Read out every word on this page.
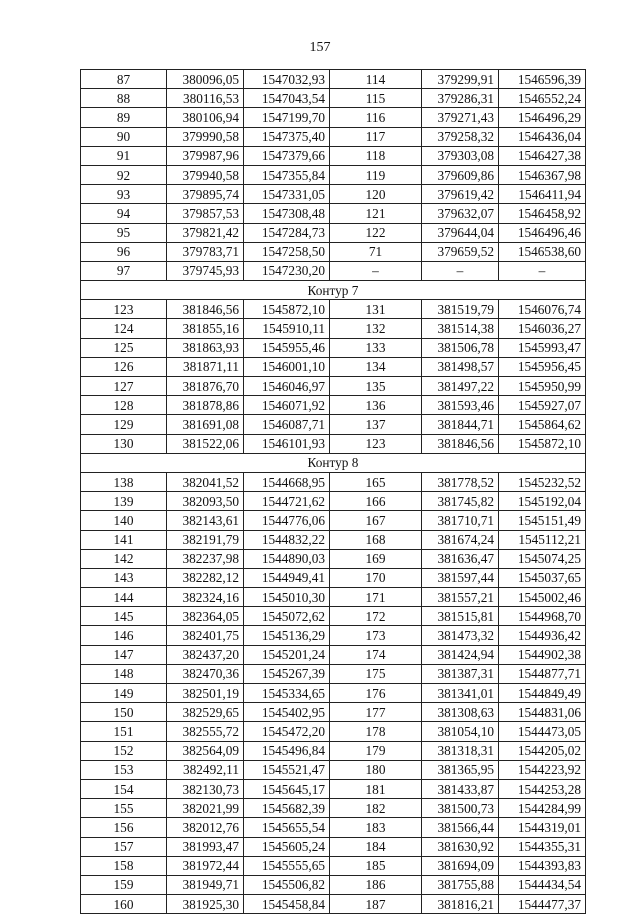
157
87	380096,05	1547032,93	114	379299,91	1546596,39
88	380116,53	1547043,54	115	379286,31	1546552,24
89	380106,94	1547199,70	116	379271,43	1546496,29
90	379990,58	1547375,40	117	379258,32	1546436,04
91	379987,96	1547379,66	118	379303,08	1546427,38
92	379940,58	1547355,84	119	379609,86	1546367,98
93	379895,74	1547331,05	120	379619,42	1546411,94
94	379857,53	1547308,48	121	379632,07	1546458,92
95	379821,42	1547284,73	122	379644,04	1546496,46
96	379783,71	1547258,50	71	379659,52	1546538,60
97	379745,93	1547230,20	–	–	–
Контур 7					
123	381846,56	1545872,10	131	381519,79	1546076,74
124	381855,16	1545910,11	132	381514,38	1546036,27
125	381863,93	1545955,46	133	381506,78	1545993,47
126	381871,11	1546001,10	134	381498,57	1545956,45
127	381876,70	1546046,97	135	381497,22	1545950,99
128	381878,86	1546071,92	136	381593,46	1545927,07
129	381691,08	1546087,71	137	381844,71	1545864,62
130	381522,06	1546101,93	123	381846,56	1545872,10
Контур 8					
138	382041,52	1544668,95	165	381778,52	1545232,52
139	382093,50	1544721,62	166	381745,82	1545192,04
140	382143,61	1544776,06	167	381710,71	1545151,49
141	382191,79	1544832,22	168	381674,24	1545112,21
142	382237,98	1544890,03	169	381636,47	1545074,25
143	382282,12	1544949,41	170	381597,44	1545037,65
144	382324,16	1545010,30	171	381557,21	1545002,46
145	382364,05	1545072,62	172	381515,81	1544968,70
146	382401,75	1545136,29	173	381473,32	1544936,42
147	382437,20	1545201,24	174	381424,94	1544902,38
148	382470,36	1545267,39	175	381387,31	1544877,71
149	382501,19	1545334,65	176	381341,01	1544849,49
150	382529,65	1545402,95	177	381308,63	1544831,06
151	382555,72	1545472,20	178	381054,10	1544473,05
152	382564,09	1545496,84	179	381318,31	1544205,02
153	382492,11	1545521,47	180	381365,95	1544223,92
154	382130,73	1545645,17	181	381433,87	1544253,28
155	382021,99	1545682,39	182	381500,73	1544284,99
156	382012,76	1545655,54	183	381566,44	1544319,01
157	381993,47	1545605,24	184	381630,92	1544355,31
158	381972,44	1545555,65	185	381694,09	1544393,83
159	381949,71	1545506,82	186	381755,88	1544434,54
160	381925,30	1545458,84	187	381816,21	1544477,37
